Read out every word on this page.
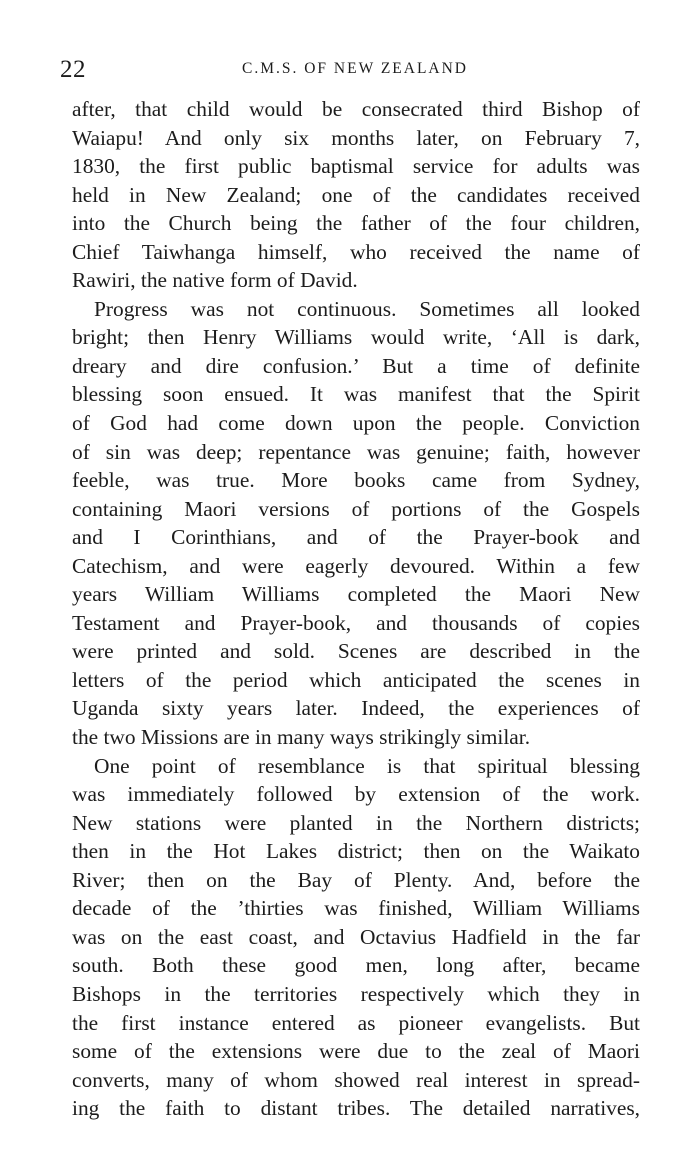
22	C.M.S. OF NEW ZEALAND
after, that child would be consecrated third Bishop of
Waiapu! And only six months later, on February 7,
1830, the first public baptismal service for adults was
held in New Zealand; one of the candidates received
into the Church being the father of the four children,
Chief Taiwhanga himself, who received the name of
Rawiri, the native form of David.
Progress was not continuous. Sometimes all looked
bright; then Henry Williams would write, ‘All is dark,
dreary and dire confusion.’ But a time of definite
blessing soon ensued. It was manifest that the Spirit
of God had come down upon the people. Conviction
of sin was deep; repentance was genuine; faith, however
feeble, was true. More books came from Sydney,
containing Maori versions of portions of the Gospels
and I Corinthians, and of the Prayer-book and
Catechism, and were eagerly devoured. Within a few
years William Williams completed the Maori New
Testament and Prayer-book, and thousands of copies
were printed and sold. Scenes are described in the
letters of the period which anticipated the scenes in
Uganda sixty years later. Indeed, the experiences of
the two Missions are in many ways strikingly similar.
One point of resemblance is that spiritual blessing
was immediately followed by extension of the work.
New stations were planted in the Northern districts;
then in the Hot Lakes district; then on the Waikato
River; then on the Bay of Plenty. And, before the
decade of the ’thirties was finished, William Williams
was on the east coast, and Octavius Hadfield in the far
south. Both these good men, long after, became
Bishops in the territories respectively which they in
the first instance entered as pioneer evangelists. But
some of the extensions were due to the zeal of Maori
converts, many of whom showed real interest in spread-
ing the faith to distant tribes. The detailed narratives,
